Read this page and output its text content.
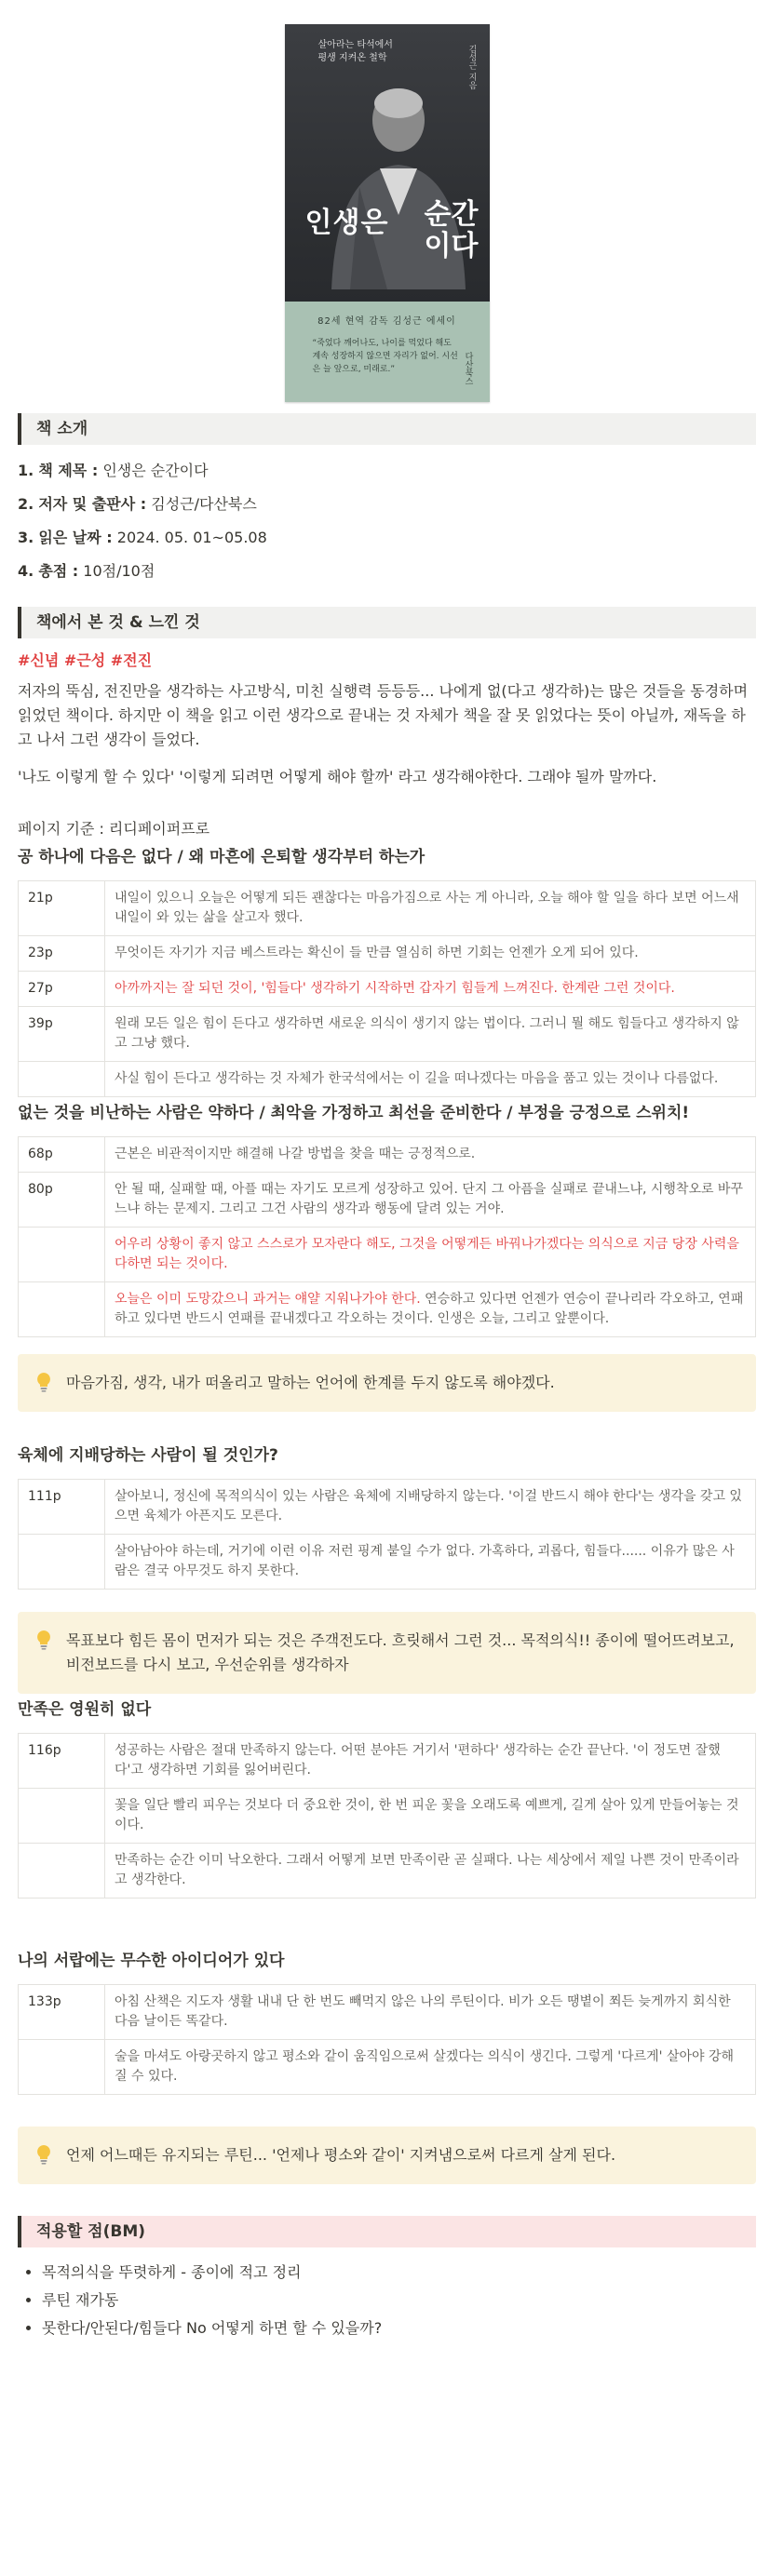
살아라는 타석에서
평생 지켜온 철학
인생은 순간
이다
김성근 지음
82세 현역 감독 김성근 에세이
“죽었다 깨어나도, 나이를 먹었다 해도 계속 성장하지 않으면 자리가 없어. 시선은 늘 앞으로, 미래로.”	다산북스
책 소개
1. 책 제목 : 인생은 순간이다
2. 저자 및 출판사 : 김성근/다산북스
3. 읽은 날짜 : 2024. 05. 01~05.08
4. 총점 : 10점/10점
책에서 본 것 & 느낀 것
#신념 #근성 #전진

저자의 뚝심, 전진만을 생각하는 사고방식, 미친 실행력 등등등... 나에게 없(다고 생각하)는 많은 것들을 동경하며 읽었던 책이다. 하지만 이 책을 읽고 이런 생각으로 끝내는 것 자체가 책을 잘 못 읽었다는 뜻이 아닐까, 재독을 하고 나서 그런 생각이 들었다.

'나도 이렇게 할 수 있다' '이렇게 되려면 어떻게 해야 할까' 라고 생각해야한다. 그래야 될까 말까다.

페이지 기준 : 리디페이퍼프로

공 하나에 다음은 없다 / 왜 마흔에 은퇴할 생각부터 하는가
21p	내일이 있으니 오늘은 어떻게 되든 괜찮다는 마음가짐으로 사는 게 아니라, 오늘 해야 할 일을 하다 보면 어느새 내일이 와 있는 삶을 살고자 했다.
23p	무엇이든 자기가 지금 베스트라는 확신이 들 만큼 열심히 하면 기회는 언젠가 오게 되어 있다.
27p	아까까지는 잘 되던 것이, '힘들다' 생각하기 시작하면 갑자기 힘들게 느껴진다. 한계란 그런 것이다.
39p	원래 모든 일은 힘이 든다고 생각하면 새로운 의식이 생기지 않는 법이다. 그러니 뭘 해도 힘들다고 생각하지 않고 그냥 했다.
	사실 힘이 든다고 생각하는 것 자체가 한국석에서는 이 길을 떠나겠다는 마음을 품고 있는 것이나 다름없다.
없는 것을 비난하는 사람은 약하다 / 최악을 가정하고 최선을 준비한다 / 부정을 긍정으로 스위치!
68p	근본은 비관적이지만 해결해 나갈 방법을 찾을 때는 긍정적으로.
80p	안 될 때, 실패할 때, 아플 때는 자기도 모르게 성장하고 있어. 단지 그 아픔을 실패로 끝내느냐, 시행착오로 바꾸느냐 하는 문제지. 그리고 그건 사람의 생각과 행동에 달려 있는 거야.
	어우리 상황이 좋지 않고 스스로가 모자란다 해도, 그것을 어떻게든 바꿔나가겠다는 의식으로 지금 당장 사력을 다하면 되는 것이다.
	오늘은 이미 도망갔으니 과거는 얘얄 지워나가야 한다. 연승하고 있다면 언젠가 연승이 끝나리라 각오하고, 연패하고 있다면 반드시 연패를 끝내겠다고 각오하는 것이다. 인생은 오늘, 그리고 앞뿐이다.
마음가짐, 생각, 내가 떠올리고 말하는 언어에 한계를 두지 않도록 해야겠다.
육체에 지배당하는 사람이 될 것인가?
111p	살아보니, 정신에 목적의식이 있는 사람은 육체에 지배당하지 않는다. '이걸 반드시 해야 한다'는 생각을 갖고 있으면 육체가 아픈지도 모른다.
	살아남아야 하는데, 거기에 이런 이유 저런 핑계 붙일 수가 없다. 가혹하다, 괴롭다, 힘들다...... 이유가 많은 사람은 결국 아무것도 하지 못한다.
목표보다 힘든 몸이 먼저가 되는 것은 주객전도다. 흐릿해서 그런 것... 목적의식!! 종이에 떨어뜨려보고, 비전보드를 다시 보고, 우선순위를 생각하자
만족은 영원히 없다
116p	성공하는 사람은 절대 만족하지 않는다. 어떤 분야든 거기서 '편하다' 생각하는 순간 끝난다. '이 정도면 잘했다'고 생각하면 기회를 잃어버린다.
	꽃을 일단 빨리 피우는 것보다 더 중요한 것이, 한 번 피운 꽃을 오래도록 예쁘게, 길게 살아 있게 만들어놓는 것이다.
	만족하는 순간 이미 낙오한다. 그래서 어떻게 보면 만족이란 곧 실패다. 나는 세상에서 제일 나쁜 것이 만족이라고 생각한다.
나의 서랍에는 무수한 아이디어가 있다
133p	아침 산책은 지도자 생활 내내 단 한 번도 빼먹지 않은 나의 루틴이다. 비가 오든 땡볕이 쬐든 늦게까지 회식한 다음 날이든 똑같다.
	술을 마셔도 아랑곳하지 않고 평소와 같이 움직임으로써 살겠다는 의식이 생긴다. 그렇게 '다르게' 살아야 강해질 수 있다.
언제 어느때든 유지되는 루틴... '언제나 평소와 같이' 지켜냄으로써 다르게 살게 된다.
적용할 점(BM)
• 목적의식을 뚜렷하게 - 종이에 적고 정리
• 루틴 재가동
• 못한다/안된다/힘들다 No 어떻게 하면 할 수 있을까?
